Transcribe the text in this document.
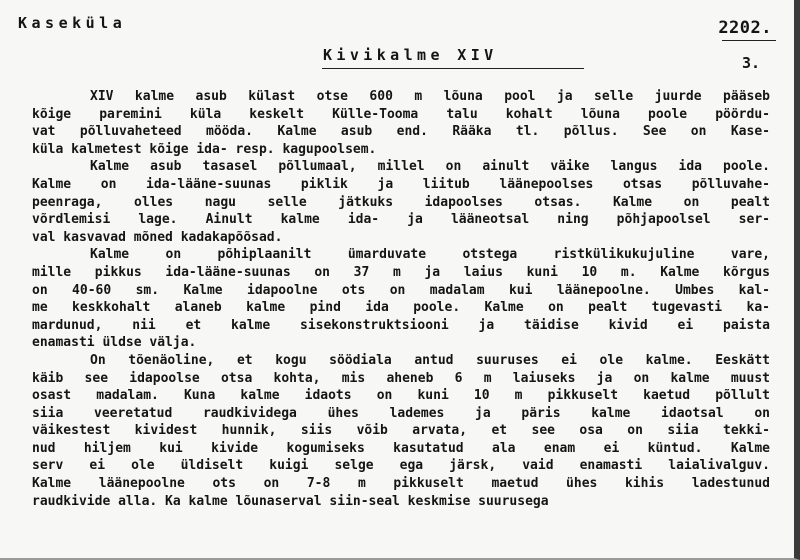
Kaseküla	2202.
Kivikalme XIV	3.
XIV kalme asub külast otse 600 m lõuna pool ja selle juurde pääseb
kõige paremini küla keskelt Külle-Tooma talu kohalt lõuna poole pöördu-
vat põlluvaheteed mööda. Kalme asub end. Rääka tl. põllus. See on Kase-
küla kalmetest kõige ida- resp. kagupoolsem.
Kalme asub tasasel põllumaal, millel on ainult väike langus ida poole.
Kalme on ida-lääne-suunas piklik ja liitub läänepoolses otsas põlluvahe-
peenraga, olles nagu selle jätkuks idapoolses otsas. Kalme on pealt
võrdlemisi lage. Ainult kalme ida- ja lääneotsal ning põhjapoolsel ser-
val kasvavad mõned kadakapõõsad.
Kalme on põhiplaanilt ümarduvate otstega ristkülikukujuline vare,
mille pikkus ida-lääne-suunas on 37 m ja laius kuni 10 m. Kalme kõrgus
on 40-60 sm. Kalme idapoolne ots on madalam kui läänepoolne. Umbes kal-
me keskkohalt alaneb kalme pind ida poole. Kalme on pealt tugevasti ka-
mardunud, nii et kalme sisekonstruktsiooni ja täidise kivid ei paista
enamasti üldse välja.
On tõenäoline, et kogu söödiala antud suuruses ei ole kalme. Eeskätt
käib see idapoolse otsa kohta, mis aheneb 6 m laiuseks ja on kalme muust
osast madalam. Kuna kalme idaots on kuni 10 m pikkuselt kaetud põllult
siia veeretatud raudkividega ühes lademes ja päris kalme idaotsal on
väikestest kividest hunnik, siis võib arvata, et see osa on siia tekki-
nud hiljem kui kivide kogumiseks kasutatud ala enam ei küntud. Kalme
serv ei ole üldiselt kuigi selge ega järsk, vaid enamasti laialivalguv.
Kalme läänepoolne ots on 7-8 m pikkuselt maetud ühes kihis ladestunud
raudkivide alla. Ka kalme lõunaserval siin-seal keskmise suurusega
